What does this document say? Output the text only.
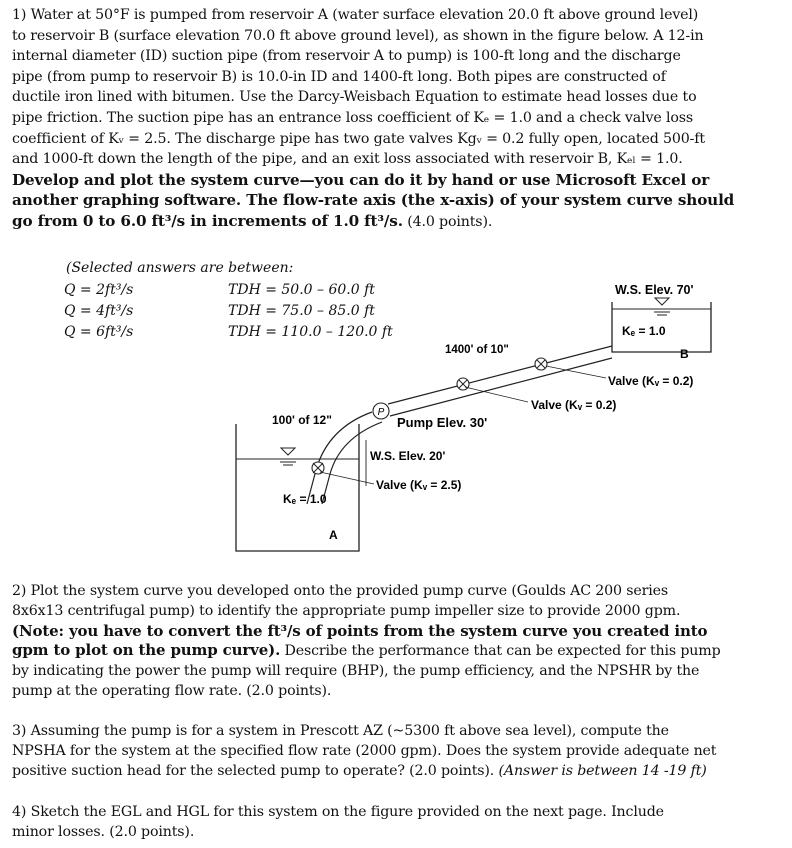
1) Water at 50°F is pumped from reservoir A (water surface elevation 20.0 ft above ground level)
to reservoir B (surface elevation 70.0 ft above ground level), as shown in the figure below. A 12-in
internal diameter (ID) suction pipe (from reservoir A to pump) is 100-ft long and the discharge
pipe (from pump to reservoir B) is 10.0-in ID and 1400-ft long. Both pipes are constructed of
ductile iron lined with bitumen. Use the Darcy-Weisbach Equation to estimate head losses due to
pipe friction. The suction pipe has an entrance loss coefficient of Kₑ = 1.0 and a check valve loss
coefficient of Kᵥ = 2.5. The discharge pipe has two gate valves Kgᵥ = 0.2 fully open, located 500-ft
and 1000-ft down the length of the pipe, and an exit loss associated with reservoir B, Kₑₗ = 1.0.
Develop and plot the system curve—you can do it by hand or use Microsoft Excel or
another graphing software. The flow-rate axis (the x-axis) of your system curve should
go from 0 to 6.0 ft³/s in increments of 1.0 ft³/s. (4.0 points).
(Selected answers are between:
Q = 2ft³/s	TDH = 50.0 – 60.0 ft
Q = 4ft³/s	TDH = 75.0 – 85.0 ft
Q = 6ft³/s	TDH = 110.0 – 120.0 ft
P
W.S. Elev. 70'
Kₑ = 1.0
B
Valve (Kᵥ = 0.2)
Valve (Kᵥ = 0.2)
1400' of 10"
100' of 12"	Pump Elev. 30'
W.S. Elev. 20'
Valve (Kᵥ = 2.5)
Kₑ = 1.0
A
2) Plot the system curve you developed onto the provided pump curve (Goulds AC 200 series
8x6x13 centrifugal pump) to identify the appropriate pump impeller size to provide 2000 gpm.
(Note: you have to convert the ft³/s of points from the system curve you created into
gpm to plot on the pump curve). Describe the performance that can be expected for this pump
by indicating the power the pump will require (BHP), the pump efficiency, and the NPSHR by the
pump at the operating flow rate. (2.0 points).
3) Assuming the pump is for a system in Prescott AZ (~5300 ft above sea level), compute the
NPSHA for the system at the specified flow rate (2000 gpm). Does the system provide adequate net
positive suction head for the selected pump to operate? (2.0 points). (Answer is between 14 -19 ft)
4) Sketch the EGL and HGL for this system on the figure provided on the next page. Include
minor losses. (2.0 points).
